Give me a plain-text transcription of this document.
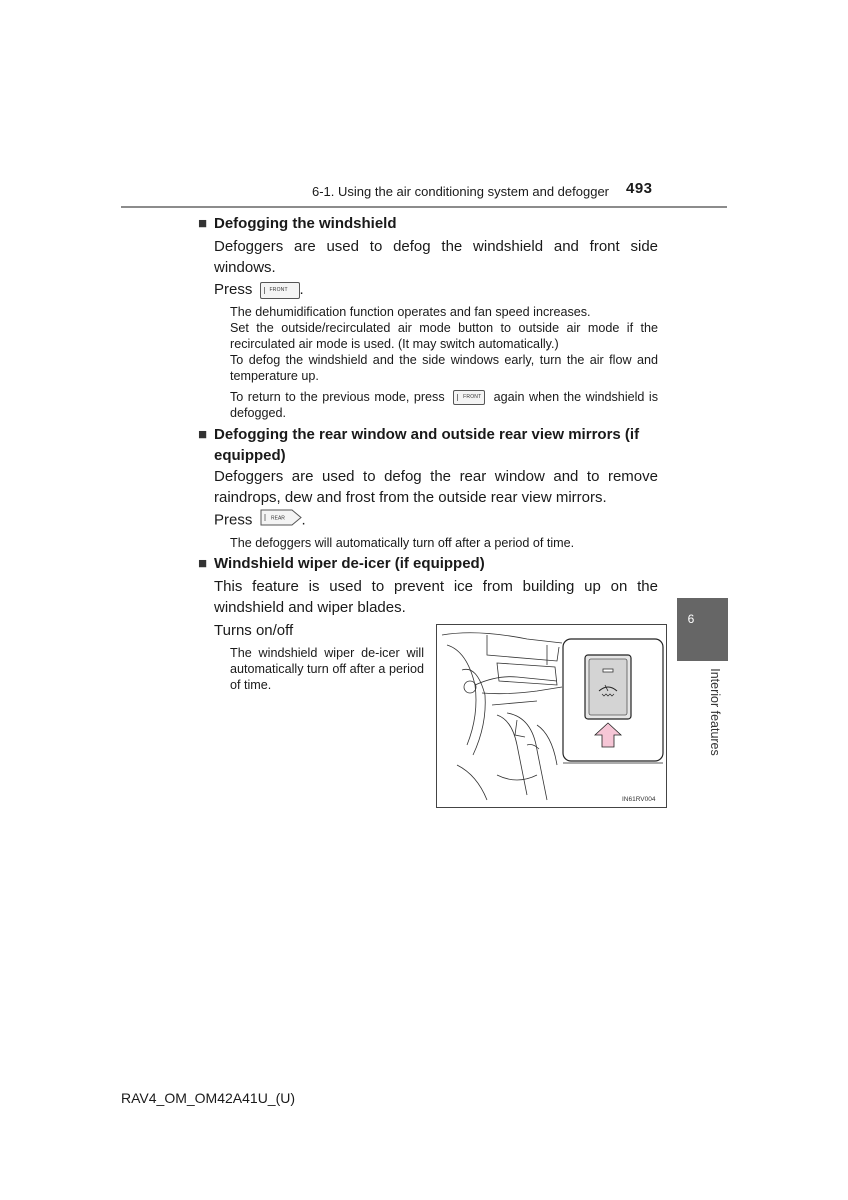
6-1. Using the air conditioning system and defogger 493
■ Defogging the windshield
Defoggers are used to defog the windshield and front side windows.
Press	FRONT .

The dehumidification function operates and fan speed increases.

Set the outside/recirculated air mode button to outside air mode if the recirculated air mode is used. (It may switch automatically.)

To defog the windshield and the side windows early, turn the air flow and temperature up.

To return to the previous mode, press	FRONT again when the windshield is defogged.

■ Defogging the rear window and outside rear view mirrors (if
equipped)
Defoggers are used to defog the rear window and to remove raindrops, dew and frost from the outside rear view mirrors.
Press	REAR .
The defoggers will automatically turn off after a period of time.
■ Windshield wiper de-icer (if equipped)
This feature is used to prevent ice from building up on the windshield and wiper blades.
Turns on/off
The windshield wiper de-icer will automatically turn off after a period of time.
IN61RV004
6
Interior features
RAV4_OM_OM42A41U_(U)
